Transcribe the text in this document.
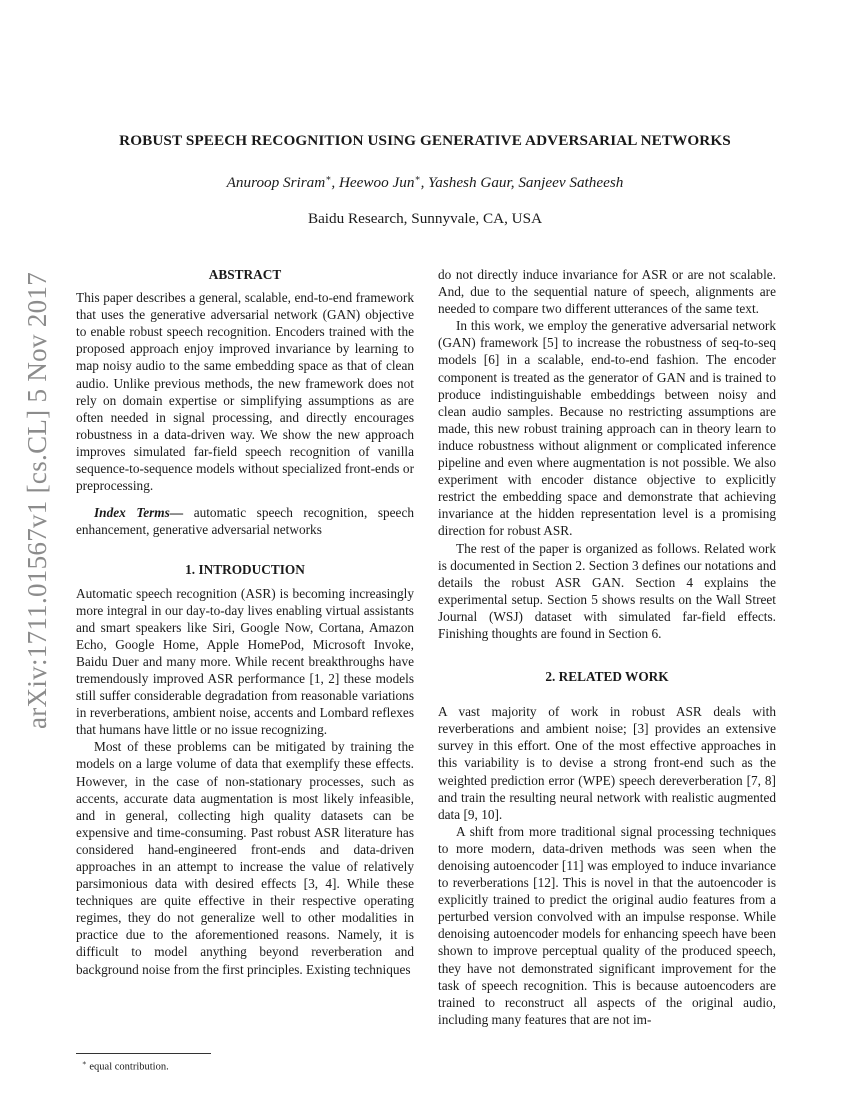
arXiv:1711.01567v1 [cs.CL] 5 Nov 2017
ROBUST SPEECH RECOGNITION USING GENERATIVE ADVERSARIAL NETWORKS
Anuroop Sriram∗, Heewoo Jun∗, Yashesh Gaur, Sanjeev Satheesh
Baidu Research, Sunnyvale, CA, USA
ABSTRACT

This paper describes a general, scalable, end-to-end framework that uses the generative adversarial network (GAN) objective to enable robust speech recognition. Encoders trained with the proposed approach enjoy improved invariance by learning to map noisy audio to the same embedding space as that of clean audio. Unlike previous methods, the new framework does not rely on domain expertise or simplifying assumptions as are often needed in signal processing, and directly encourages robustness in a data-driven way. We show the new approach improves simulated far-field speech recognition of vanilla sequence-to-sequence models without specialized front-ends or preprocessing.

Index Terms— automatic speech recognition, speech enhancement, generative adversarial networks

1. INTRODUCTION

Automatic speech recognition (ASR) is becoming increasingly more integral in our day-to-day lives enabling virtual assistants and smart speakers like Siri, Google Now, Cortana, Amazon Echo, Google Home, Apple HomePod, Microsoft Invoke, Baidu Duer and many more. While recent breakthroughs have tremendously improved ASR performance [1, 2] these models still suffer considerable degradation from reasonable variations in reverberations, ambient noise, accents and Lombard reflexes that humans have little or no issue recognizing.

Most of these problems can be mitigated by training the models on a large volume of data that exemplify these effects. However, in the case of non-stationary processes, such as accents, accurate data augmentation is most likely infeasible, and in general, collecting high quality datasets can be expensive and time-consuming. Past robust ASR literature has considered hand-engineered front-ends and data-driven approaches in an attempt to increase the value of relatively parsimonious data with desired effects [3, 4]. While these techniques are quite effective in their respective operating regimes, they do not generalize well to other modalities in practice due to the aforementioned reasons. Namely, it is difficult to model anything beyond reverberation and background noise from the first principles. Existing techniques

do not directly induce invariance for ASR or are not scalable. And, due to the sequential nature of speech, alignments are needed to compare two different utterances of the same text.

In this work, we employ the generative adversarial network (GAN) framework [5] to increase the robustness of seq-to-seq models [6] in a scalable, end-to-end fashion. The encoder component is treated as the generator of GAN and is trained to produce indistinguishable embeddings between noisy and clean audio samples. Because no restricting assumptions are made, this new robust training approach can in theory learn to induce robustness without alignment or complicated inference pipeline and even where augmentation is not possible. We also experiment with encoder distance objective to explicitly restrict the embedding space and demonstrate that achieving invariance at the hidden representation level is a promising direction for robust ASR.

The rest of the paper is organized as follows. Related work is documented in Section 2. Section 3 defines our notations and details the robust ASR GAN. Section 4 explains the experimental setup. Section 5 shows results on the Wall Street Journal (WSJ) dataset with simulated far-field effects. Finishing thoughts are found in Section 6.

2. RELATED WORK

A vast majority of work in robust ASR deals with reverberations and ambient noise; [3] provides an extensive survey in this effort. One of the most effective approaches in this variability is to devise a strong front-end such as the weighted prediction error (WPE) speech dereverberation [7, 8] and train the resulting neural network with realistic augmented data [9, 10].

A shift from more traditional signal processing techniques to more modern, data-driven methods was seen when the denoising autoencoder [11] was employed to induce invariance to reverberations [12]. This is novel in that the autoencoder is explicitly trained to predict the original audio features from a perturbed version convolved with an impulse response. While denoising autoencoder models for enhancing speech have been shown to improve perceptual quality of the produced speech, they have not demonstrated significant improvement for the task of speech recognition. This is because autoencoders are trained to reconstruct all aspects of the original audio, including many features that are not im-

∗ equal contribution.
